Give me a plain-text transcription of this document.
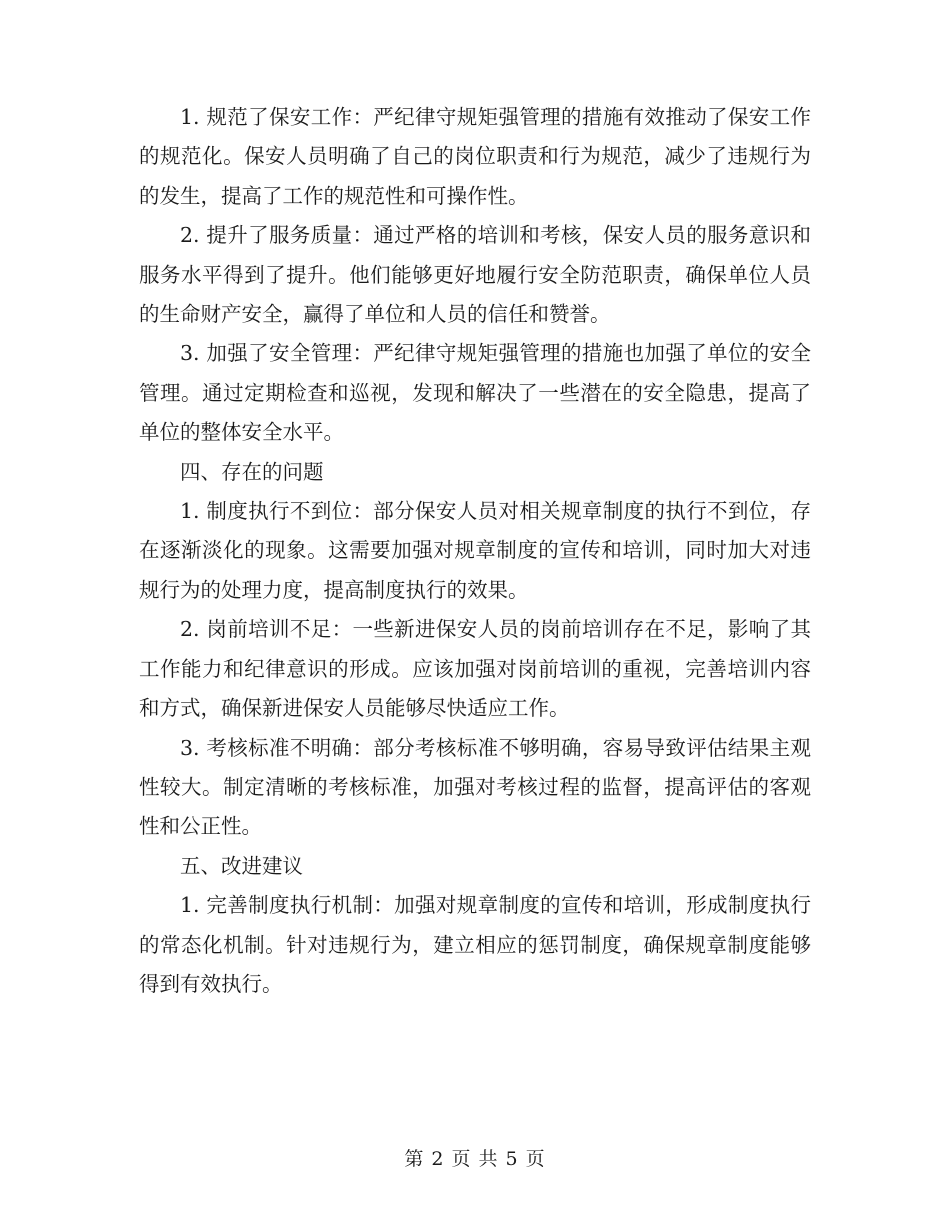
1. 规范了保安工作：严纪律守规矩强管理的措施有效推动了保安工作的规范化。保安人员明确了自己的岗位职责和行为规范，减少了违规行为的发生，提高了工作的规范性和可操作性。

2. 提升了服务质量：通过严格的培训和考核，保安人员的服务意识和服务水平得到了提升。他们能够更好地履行安全防范职责，确保单位人员的生命财产安全，赢得了单位和人员的信任和赞誉。

3. 加强了安全管理：严纪律守规矩强管理的措施也加强了单位的安全管理。通过定期检查和巡视，发现和解决了一些潜在的安全隐患，提高了单位的整体安全水平。

四、存在的问题

1. 制度执行不到位：部分保安人员对相关规章制度的执行不到位，存在逐渐淡化的现象。这需要加强对规章制度的宣传和培训，同时加大对违规行为的处理力度，提高制度执行的效果。

2. 岗前培训不足：一些新进保安人员的岗前培训存在不足，影响了其工作能力和纪律意识的形成。应该加强对岗前培训的重视，完善培训内容和方式，确保新进保安人员能够尽快适应工作。

3. 考核标准不明确：部分考核标准不够明确，容易导致评估结果主观性较大。制定清晰的考核标准，加强对考核过程的监督，提高评估的客观性和公正性。

五、改进建议

1. 完善制度执行机制：加强对规章制度的宣传和培训，形成制度执行的常态化机制。针对违规行为，建立相应的惩罚制度，确保规章制度能够得到有效执行。

第 2 页 共 5 页
